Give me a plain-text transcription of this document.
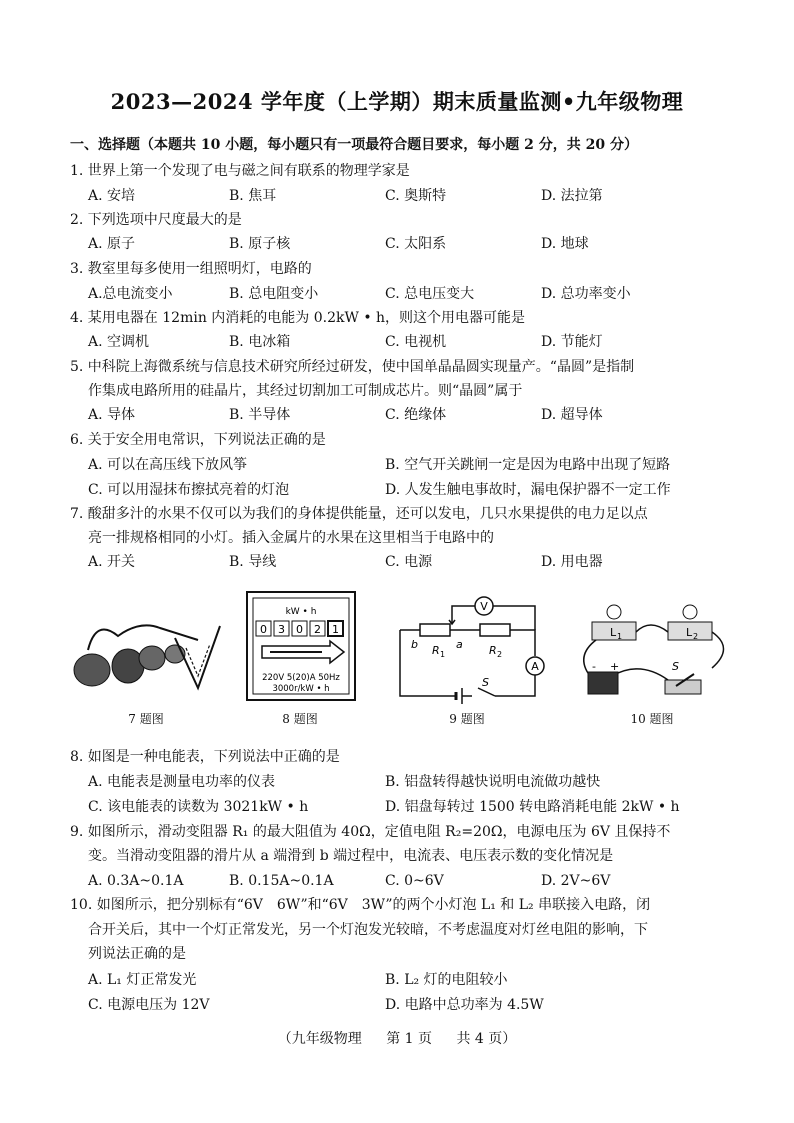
2023—2024 学年度（上学期）期末质量监测•九年级物理
一、选择题（本题共 10 小题，每小题只有一项最符合题目要求，每小题 2 分，共 20 分）
1. 世界上第一个发现了电与磁之间有联系的物理学家是
A. 安培	B. 焦耳	C. 奥斯特	D. 法拉第
2. 下列选项中尺度最大的是
A. 原子	B. 原子核	C. 太阳系	D. 地球
3. 教室里每多使用一组照明灯，电路的
A.总电流变小	B. 总电阻变小	C. 总电压变大	D. 总功率变小
4. 某用电器在 12min 内消耗的电能为 0.2kW • h，则这个用电器可能是
A. 空调机	B. 电冰箱	C. 电视机	D. 节能灯
5. 中科院上海微系统与信息技术研究所经过研发，使中国单晶晶圆实现量产。“晶圆”是指制
作集成电路所用的硅晶片，其经过切割加工可制成芯片。则“晶圆”属于
A. 导体	B. 半导体	C. 绝缘体	D. 超导体
6. 关于安全用电常识，下列说法正确的是
A. 可以在高压线下放风筝	B. 空气开关跳闸一定是因为电路中出现了短路
C. 可以用湿抹布擦拭亮着的灯泡	D. 人发生触电事故时，漏电保护器不一定工作
7. 酸甜多汁的水果不仅可以为我们的身体提供能量，还可以发电，几只水果提供的电力足以点
亮一排规格相同的小灯。插入金属片的水果在这里相当于电路中的
A. 开关	B. 导线	C. 电源	D. 用电器
kW • h
0 3 0 2 1
220V 5(20)A 50Hz
3000r/kW • h
V
A
b	a
R 1	R 2
S
L 1	L 2
S
- +
7 题图	8 题图	9 题图	10 题图
8. 如图是一种电能表，下列说法中正确的是
A. 电能表是测量电功率的仪表	B. 铝盘转得越快说明电流做功越快
C. 该电能表的读数为 3021kW • h	D. 铝盘每转过 1500 转电路消耗电能 2kW • h
9. 如图所示，滑动变阻器 R₁ 的最大阻值为 40Ω，定值电阻 R₂=20Ω，电源电压为 6V 且保持不
变。当滑动变阻器的滑片从 a 端滑到 b 端过程中，电流表、电压表示数的变化情况是
A. 0.3A~0.1A	B. 0.15A~0.1A	C. 0~6V	D. 2V~6V
10. 如图所示，把分别标有“6V　6W”和“6V　3W”的两个小灯泡 L₁ 和 L₂ 串联接入电路，闭
合开关后，其中一个灯正常发光，另一个灯泡发光较暗，不考虑温度对灯丝电阻的影响，下
列说法正确的是
A. L₁ 灯正常发光	B. L₂ 灯的电阻较小
C. 电源电压为 12V	D. 电路中总功率为 4.5W
（九年级物理 第 1 页 共 4 页）
